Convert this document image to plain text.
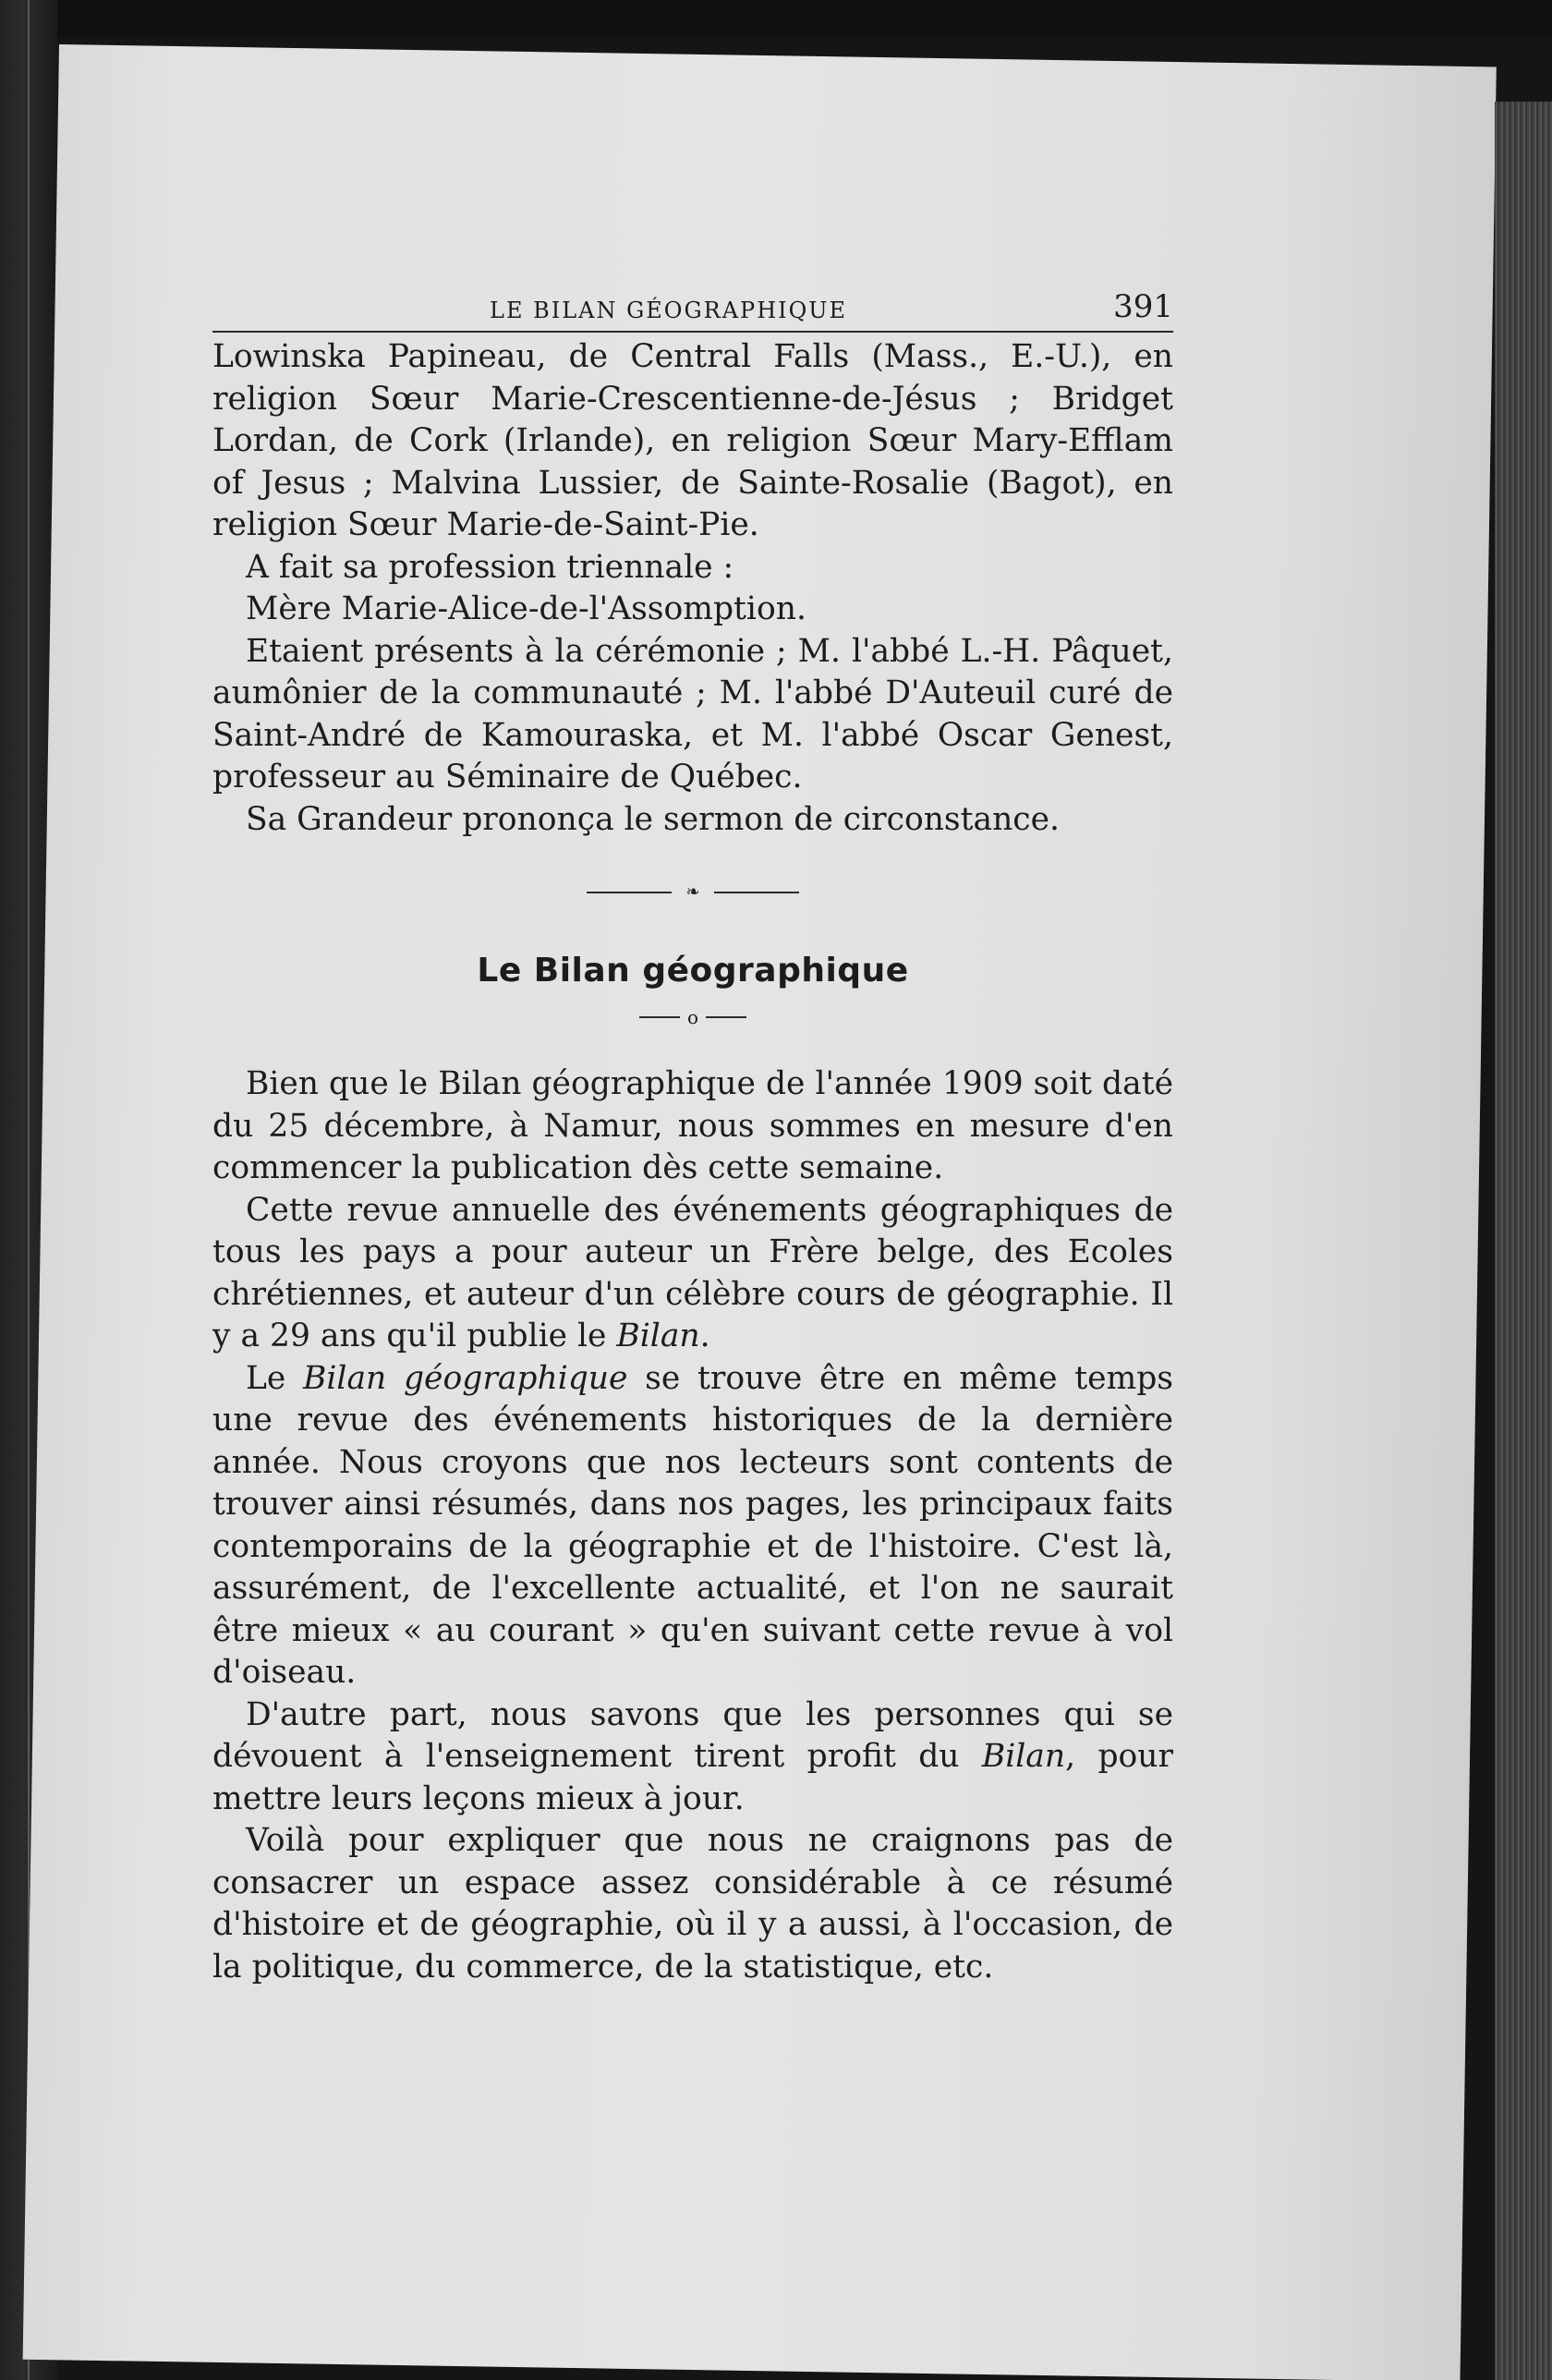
LE BILAN GÉOGRAPHIQUE	391

Lowinska Papineau, de Central Falls (Mass., E.-U.), en religion Sœur Marie-Crescentienne-de-Jésus ; Bridget Lordan, de Cork (Irlande), en religion Sœur Mary-Efflam of Jesus ; Malvina Lussier, de Sainte-Rosalie (Bagot), en religion Sœur Marie-de-Saint-Pie.

A fait sa profession triennale :

Mère Marie-Alice-de-l'Assomption.

Etaient présents à la cérémonie ; M. l'abbé L.-H. Pâquet, aumônier de la communauté ; M. l'abbé D'Auteuil curé de Saint-André de Kamouraska, et M. l'abbé Oscar Genest, professeur au Séminaire de Québec.

Sa Grandeur prononça le sermon de circonstance.

❧
Le Bilan géographique
o

Bien que le Bilan géographique de l'année 1909 soit daté du 25 décembre, à Namur, nous sommes en mesure d'en commencer la publication dès cette semaine.

Cette revue annuelle des événements géographiques de tous les pays a pour auteur un Frère belge, des Ecoles chrétiennes, et auteur d'un célèbre cours de géographie. Il y a 29 ans qu'il publie le Bilan.

Le Bilan géographique se trouve être en même temps une revue des événements historiques de la dernière année. Nous croyons que nos lecteurs sont contents de trouver ainsi résumés, dans nos pages, les principaux faits contemporains de la géographie et de l'histoire. C'est là, assurément, de l'excellente actualité, et l'on ne saurait être mieux « au courant » qu'en suivant cette revue à vol d'oiseau.

D'autre part, nous savons que les personnes qui se dévouent à l'enseignement tirent profit du Bilan, pour mettre leurs leçons mieux à jour.

Voilà pour expliquer que nous ne craignons pas de consacrer un espace assez considérable à ce résumé d'histoire et de géographie, où il y a aussi, à l'occasion, de la politique, du commerce, de la statistique, etc.
